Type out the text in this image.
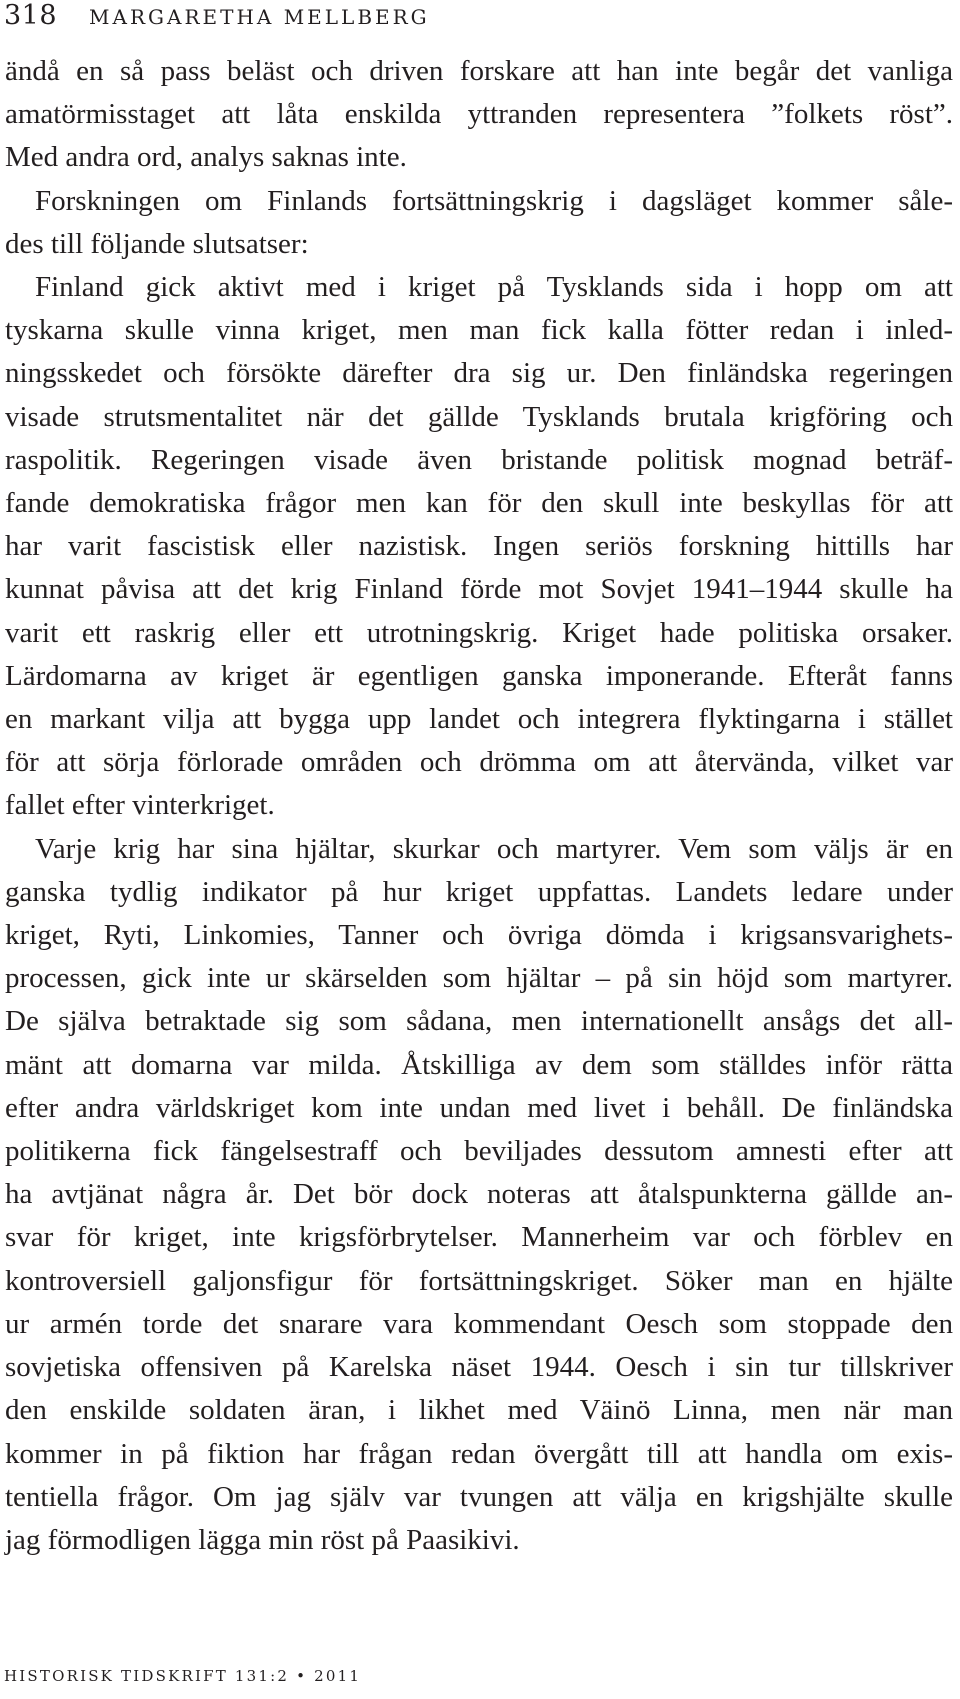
318 MARGARETHA MELLBERG
ändå en så pass beläst och driven forskare att han inte begår det vanliga
amatörmisstaget att låta enskilda yttranden representera ”folkets röst”.
Med andra ord, analys saknas inte.
Forskningen om Finlands fortsättningskrig i dagsläget kommer såle-
des till följande slutsatser:
Finland gick aktivt med i kriget på Tysklands sida i hopp om att
tyskarna skulle vinna kriget, men man fick kalla fötter redan i inled-
ningsskedet och försökte därefter dra sig ur. Den finländska regeringen
visade strutsmentalitet när det gällde Tysklands brutala krigföring och
raspolitik. Regeringen visade även bristande politisk mognad beträf-
fande demokratiska frågor men kan för den skull inte beskyllas för att
har varit fascistisk eller nazistisk. Ingen seriös forskning hittills har
kunnat påvisa att det krig Finland förde mot Sovjet 1941–1944 skulle ha
varit ett raskrig eller ett utrotningskrig. Kriget hade politiska orsaker.
Lärdomarna av kriget är egentligen ganska imponerande. Efteråt fanns
en markant vilja att bygga upp landet och integrera flyktingarna i stället
för att sörja förlorade områden och drömma om att återvända, vilket var
fallet efter vinterkriget.
Varje krig har sina hjältar, skurkar och martyrer. Vem som väljs är en
ganska tydlig indikator på hur kriget uppfattas. Landets ledare under
kriget, Ryti, Linkomies, Tanner och övriga dömda i krigsansvarighets-
processen, gick inte ur skärselden som hjältar – på sin höjd som martyrer.
De själva betraktade sig som sådana, men internationellt ansågs det all-
mänt att domarna var milda. Åtskilliga av dem som ställdes inför rätta
efter andra världskriget kom inte undan med livet i behåll. De finländska
politikerna fick fängelsestraff och beviljades dessutom amnesti efter att
ha avtjänat några år. Det bör dock noteras att åtalspunkterna gällde an-
svar för kriget, inte krigsförbrytelser. Mannerheim var och förblev en
kontroversiell galjonsfigur för fortsättningskriget. Söker man en hjälte
ur armén torde det snarare vara kommendant Oesch som stoppade den
sovjetiska offensiven på Karelska näset 1944. Oesch i sin tur tillskriver
den enskilde soldaten äran, i likhet med Väinö Linna, men när man
kommer in på fiktion har frågan redan övergått till att handla om exis-
tentiella frågor. Om jag själv var tvungen att välja en krigshjälte skulle
jag förmodligen lägga min röst på Paasikivi.
HISTORISK TIDSKRIFT 131:2 • 2011
